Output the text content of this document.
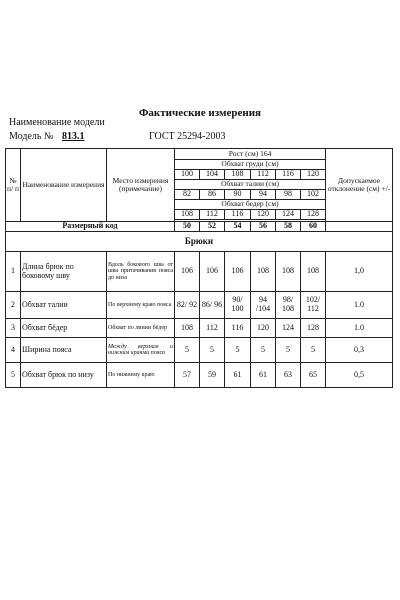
Фактические измерения
Наименование модели
Модель № 813.1	ГОСТ 25294-2003
№ п/ п	Наименование измерения	Место измерения (примечание)	Рост (см) 164						Допускаемое отклонение (см) +/-
			Обхват груди (см)						
			100	104	108	112	116	120	
			Обхват талии (см)						
			82	86	90	94	98	102	
			Обхват бедер (см)						
			108	112	116	120	124	128	

Размерный код			50	52	54	56	58	60	
Брюки									
1	Длина брюк по боковому шву	Вдоль бокового шва от шва притачивания пояса до низа	106	106	106	108	108	108	1,0
2	Обхват талии	По верхнему краю пояса	82/ 92	86/ 96	90/ 100	94 /104	98/ 108	102/ 112	1.0
3	Обхват бёдер	Обхват по линии бёдер	108	112	116	120	124	128	1.0
4	Ширина пояса	Между верхним и нижним краями пояса	5	5	5	5	5	5	0,3
5	Обхват брюк по низу	По нижнему краю	57	59	61	61	63	65	0,5
